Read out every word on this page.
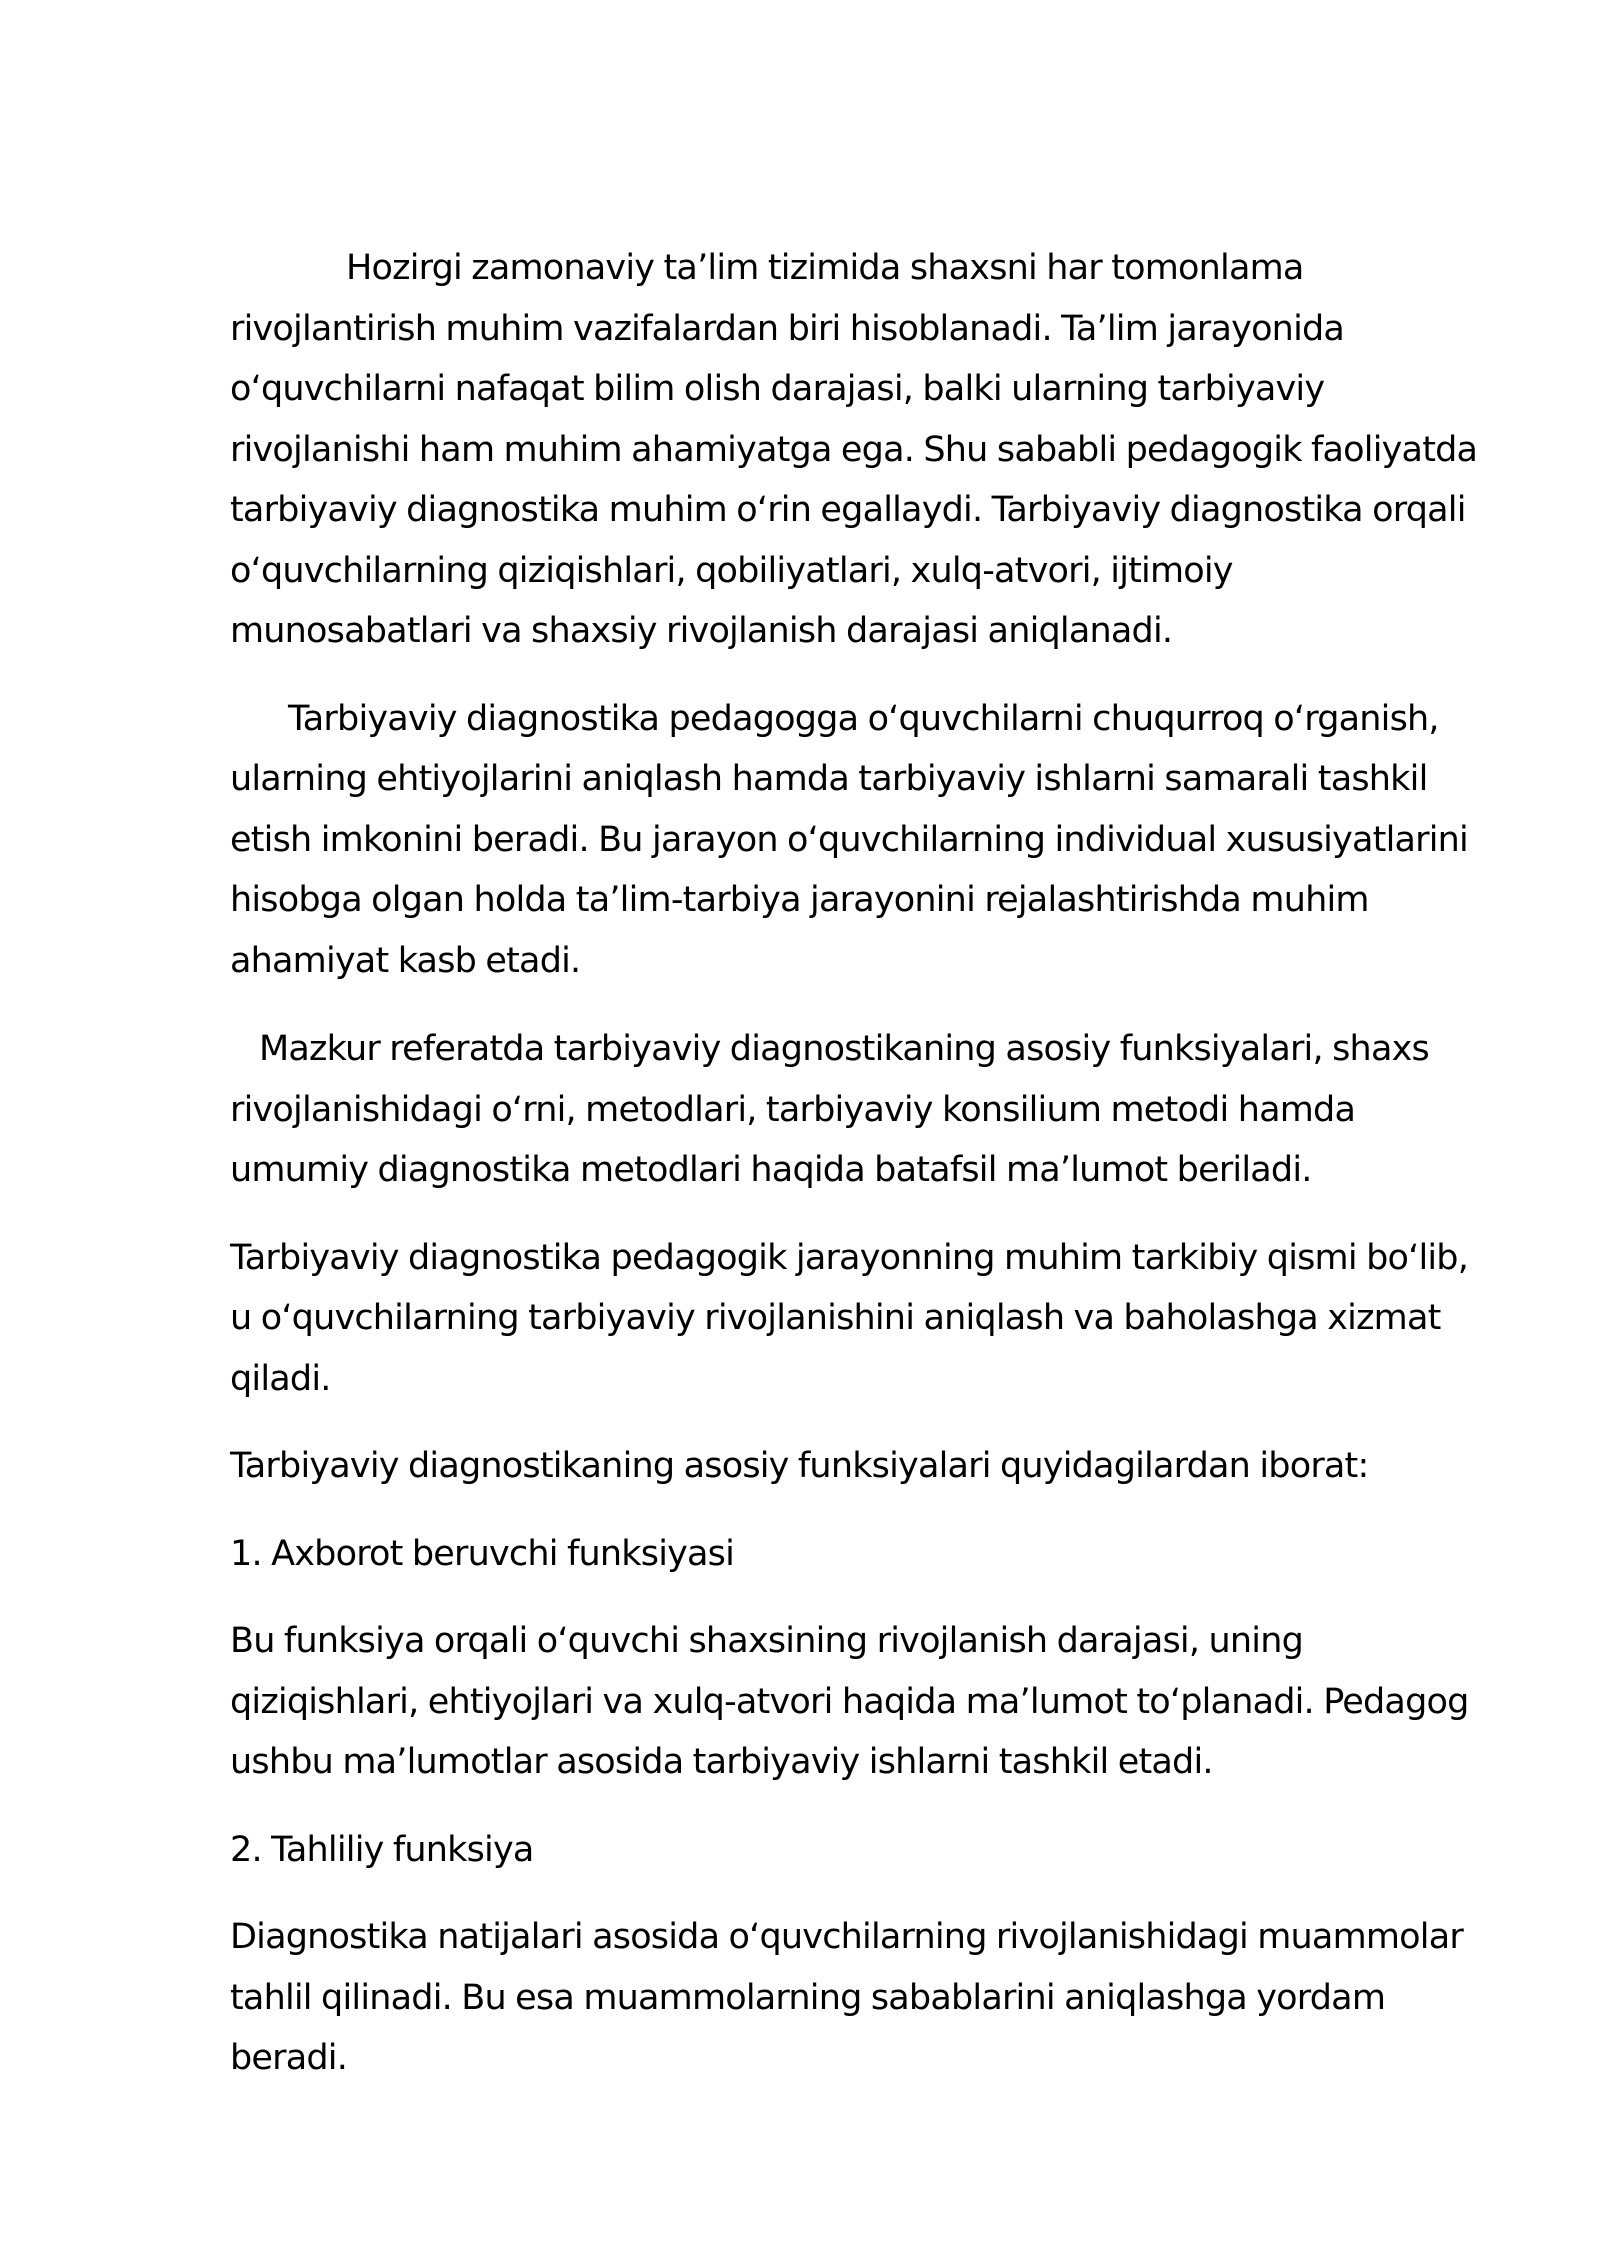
Hozirgi zamonaviy ta’lim tizimida shaxsni har tomonlama rivojlantirish muhim vazifalardan biri hisoblanadi. Ta’lim jarayonida oʻquvchilarni nafaqat bilim olish darajasi, balki ularning tarbiyaviy rivojlanishi ham muhim ahamiyatga ega. Shu sababli pedagogik faoliyatda tarbiyaviy diagnostika muhim oʻrin egallaydi. Tarbiyaviy diagnostika orqali oʻquvchilarning qiziqishlari, qobiliyatlari, xulq-atvori, ijtimoiy munosabatlari va shaxsiy rivojlanish darajasi aniqlanadi.

Tarbiyaviy diagnostika pedagogga oʻquvchilarni chuqurroq oʻrganish, ularning ehtiyojlarini aniqlash hamda tarbiyaviy ishlarni samarali tashkil etish imkonini beradi. Bu jarayon oʻquvchilarning individual xususiyatlarini hisobga olgan holda ta’lim-tarbiya jarayonini rejalashtirishda muhim ahamiyat kasb etadi.

Mazkur referatda tarbiyaviy diagnostikaning asosiy funksiyalari, shaxs rivojlanishidagi oʻrni, metodlari, tarbiyaviy konsilium metodi hamda umumiy diagnostika metodlari haqida batafsil ma’lumot beriladi.

Tarbiyaviy diagnostika pedagogik jarayonning muhim tarkibiy qismi boʻlib, u oʻquvchilarning tarbiyaviy rivojlanishini aniqlash va baholashga xizmat qiladi.

Tarbiyaviy diagnostikaning asosiy funksiyalari quyidagilardan iborat:

1. Axborot beruvchi funksiyasi

Bu funksiya orqali oʻquvchi shaxsining rivojlanish darajasi, uning qiziqishlari, ehtiyojlari va xulq-atvori haqida ma’lumot toʻplanadi. Pedagog ushbu ma’lumotlar asosida tarbiyaviy ishlarni tashkil etadi.

2. Tahliliy funksiya

Diagnostika natijalari asosida oʻquvchilarning rivojlanishidagi muammolar tahlil qilinadi. Bu esa muammolarning sabablarini aniqlashga yordam beradi.
